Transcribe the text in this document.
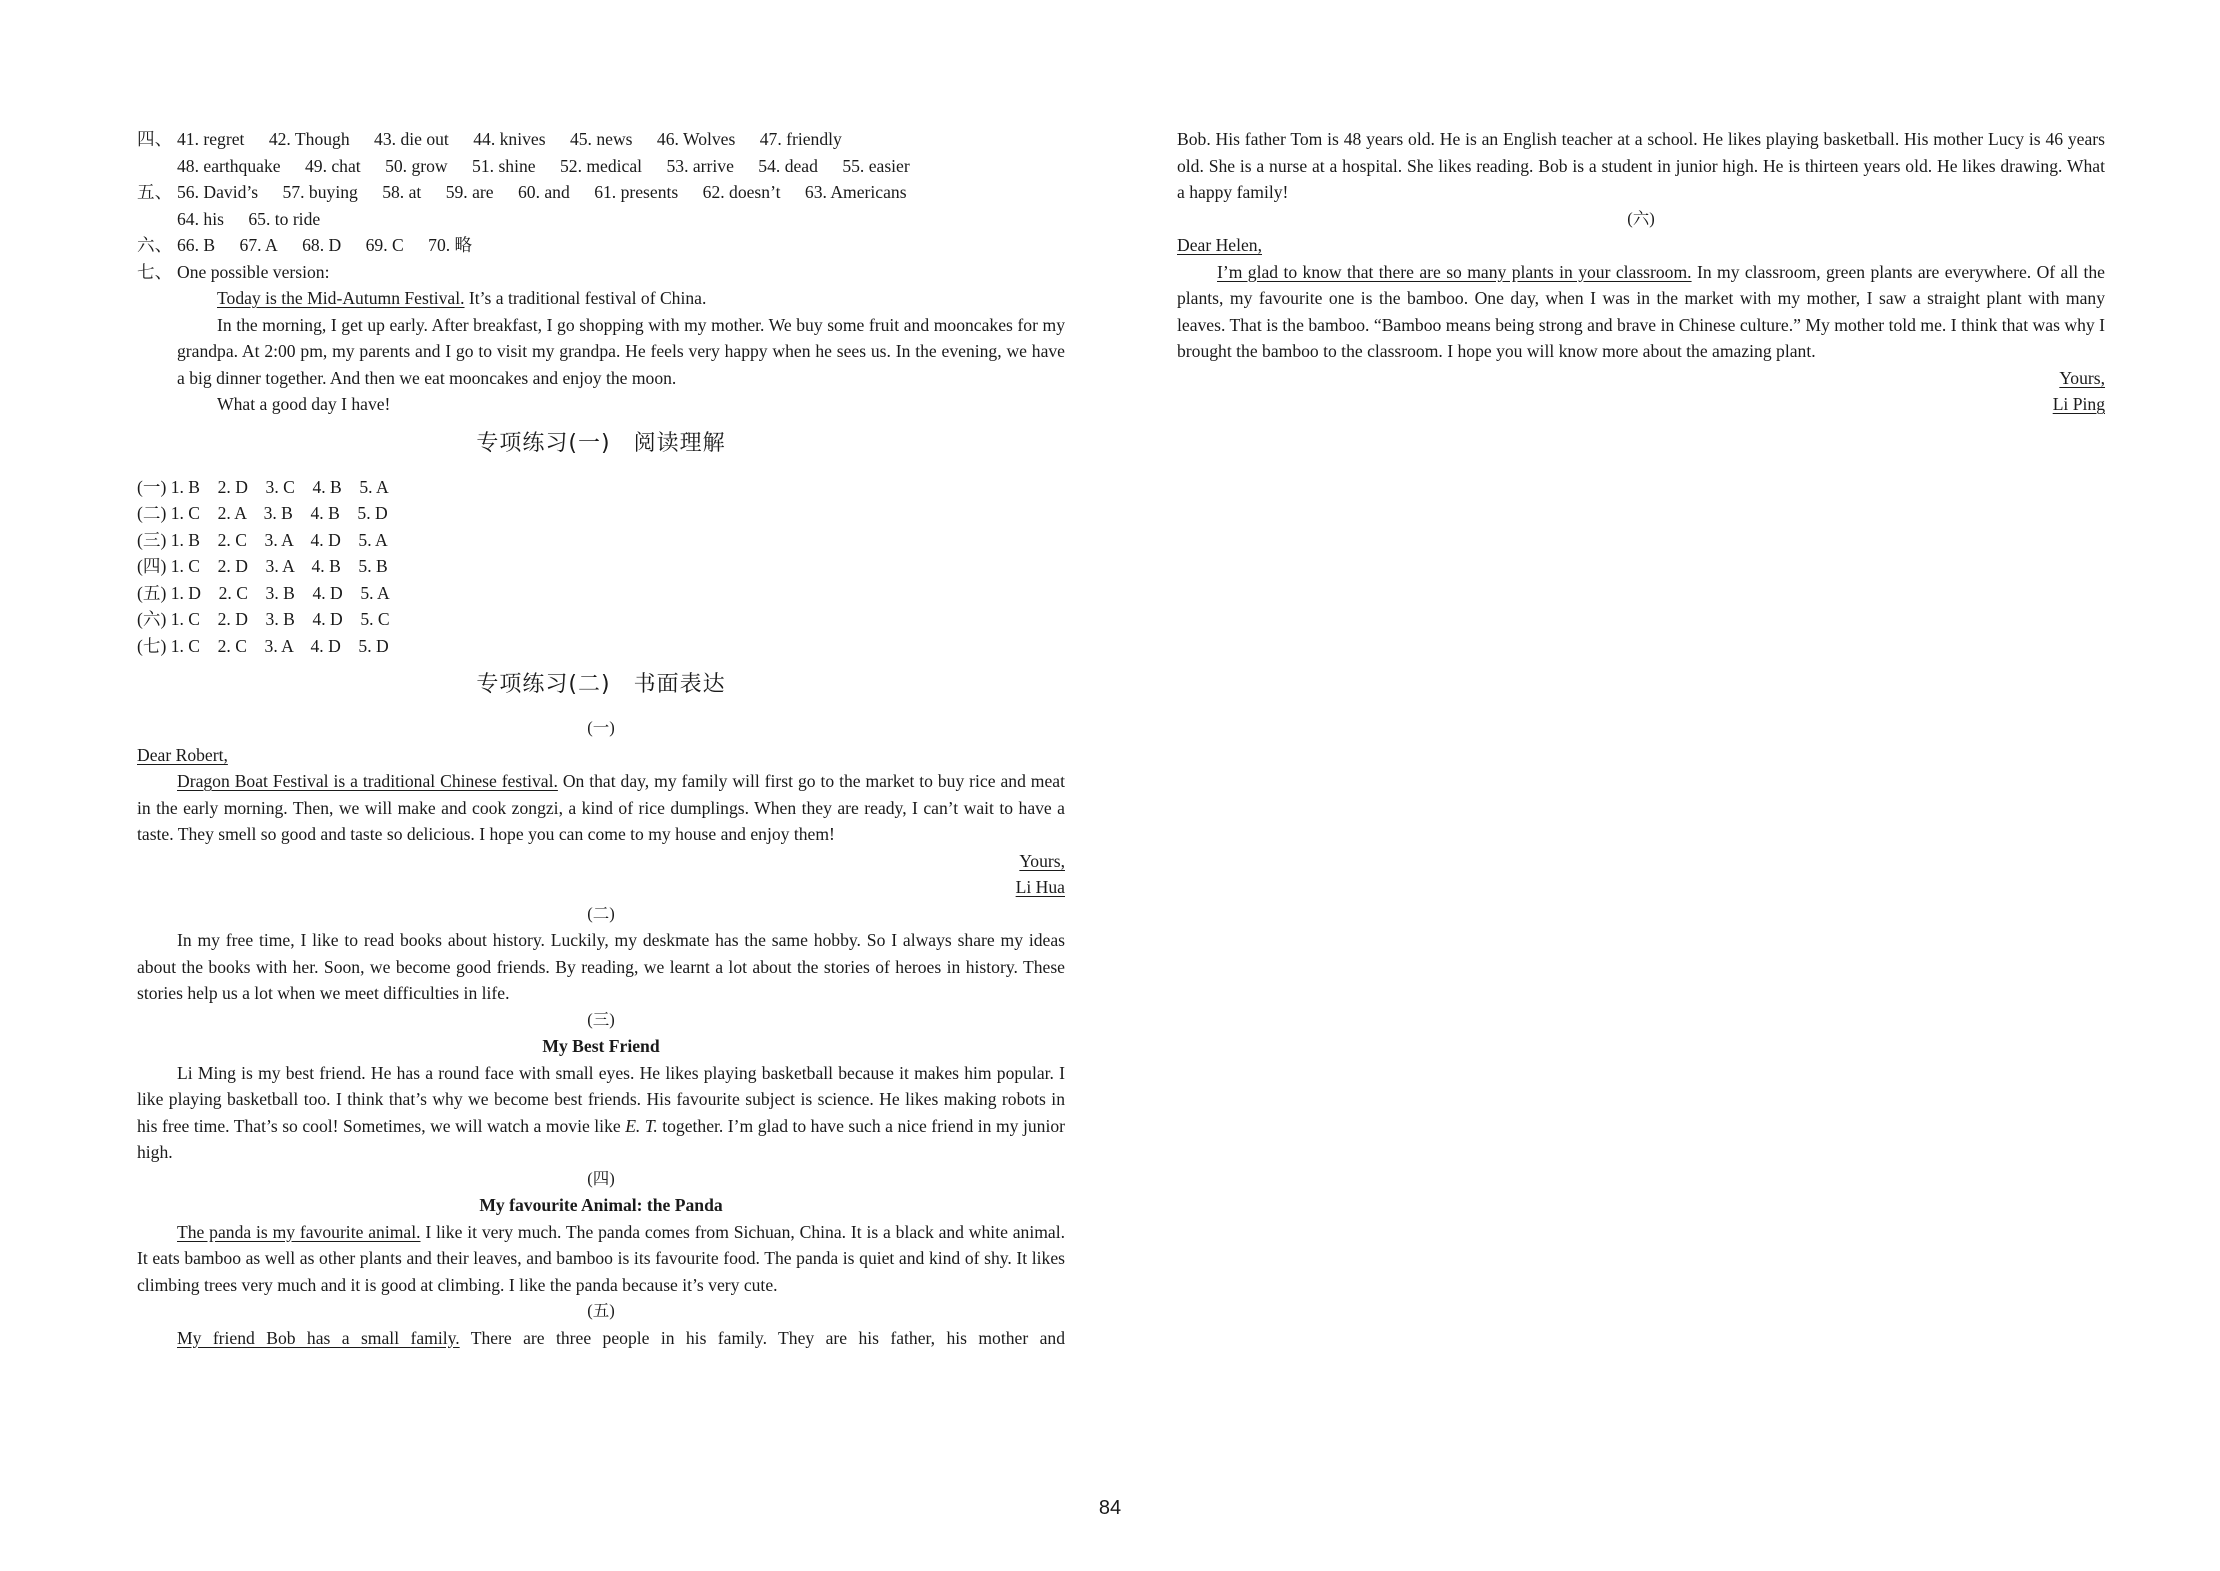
四、 41. regret 42. Though 43. die out 44. knives 45. news 46. Wolves 47. friendly
48. earthquake 49. chat 50. grow 51. shine 52. medical 53. arrive 54. dead 55. easier
五、 56. David’s 57. buying 58. at 59. are 60. and 61. presents 62. doesn’t 63. Americans
64. his 65. to ride
六、 66. B 67. A 68. D 69. C 70. 略
七、 One possible version:

Today is the Mid-Autumn Festival. It’s a traditional festival of China.

In the morning, I get up early. After breakfast, I go shopping with my mother. We buy some fruit and mooncakes for my grandpa. At 2:00 pm, my parents and I go to visit my grandpa. He feels very happy when he sees us. In the evening, we have a big dinner together. And then we eat mooncakes and enjoy the moon.

What a good day I have!

专项练习(一)　阅读理解
(一) 1. B    2. D    3. C    4. B    5. A
(二) 1. C    2. A    3. B    4. B    5. D
(三) 1. B    2. C    3. A    4. D    5. A
(四) 1. C    2. D    3. A    4. B    5. B
(五) 1. D    2. C    3. B    4. D    5. A
(六) 1. C    2. D    3. B    4. D    5. C
(七) 1. C    2. C    3. A    4. D    5. D
专项练习(二)　书面表达

(一)

Dear Robert,

Dragon Boat Festival is a traditional Chinese festival. On that day, my family will first go to the market to buy rice and meat in the early morning. Then, we will make and cook zongzi, a kind of rice dumplings. When they are ready, I can’t wait to have a taste. They smell so good and taste so delicious. I hope you can come to my house and enjoy them!

Yours,

Li Hua

(二)

In my free time, I like to read books about history. Luckily, my deskmate has the same hobby. So I always share my ideas about the books with her. Soon, we become good friends. By reading, we learnt a lot about the stories of heroes in history. These stories help us a lot when we meet difficulties in life.

(三)

My Best Friend

Li Ming is my best friend. He has a round face with small eyes. He likes playing basketball because it makes him popular. I like playing basketball too. I think that’s why we become best friends. His favourite subject is science. He likes making robots in his free time. That’s so cool! Sometimes, we will watch a movie like E. T. together. I’m glad to have such a nice friend in my junior high.

(四)

My favourite Animal: the Panda

The panda is my favourite animal. I like it very much. The panda comes from Sichuan, China. It is a black and white animal. It eats bamboo as well as other plants and their leaves, and bamboo is its favourite food. The panda is quiet and kind of shy. It likes climbing trees very much and it is good at climbing. I like the panda because it’s very cute.

(五)

My friend Bob has a small family. There are three people in his family. They are his father, his mother and

Bob. His father Tom is 48 years old. He is an English teacher at a school. He likes playing basketball. His mother Lucy is 46 years old. She is a nurse at a hospital. She likes reading. Bob is a student in junior high. He is thirteen years old. He likes drawing. What a happy family!

(六)

Dear Helen,

I’m glad to know that there are so many plants in your classroom. In my classroom, green plants are everywhere. Of all the plants, my favourite one is the bamboo. One day, when I was in the market with my mother, I saw a straight plant with many leaves. That is the bamboo. “Bamboo means being strong and brave in Chinese culture.” My mother told me. I think that was why I brought the bamboo to the classroom. I hope you will know more about the amazing plant.

Yours,

Li Ping

84
